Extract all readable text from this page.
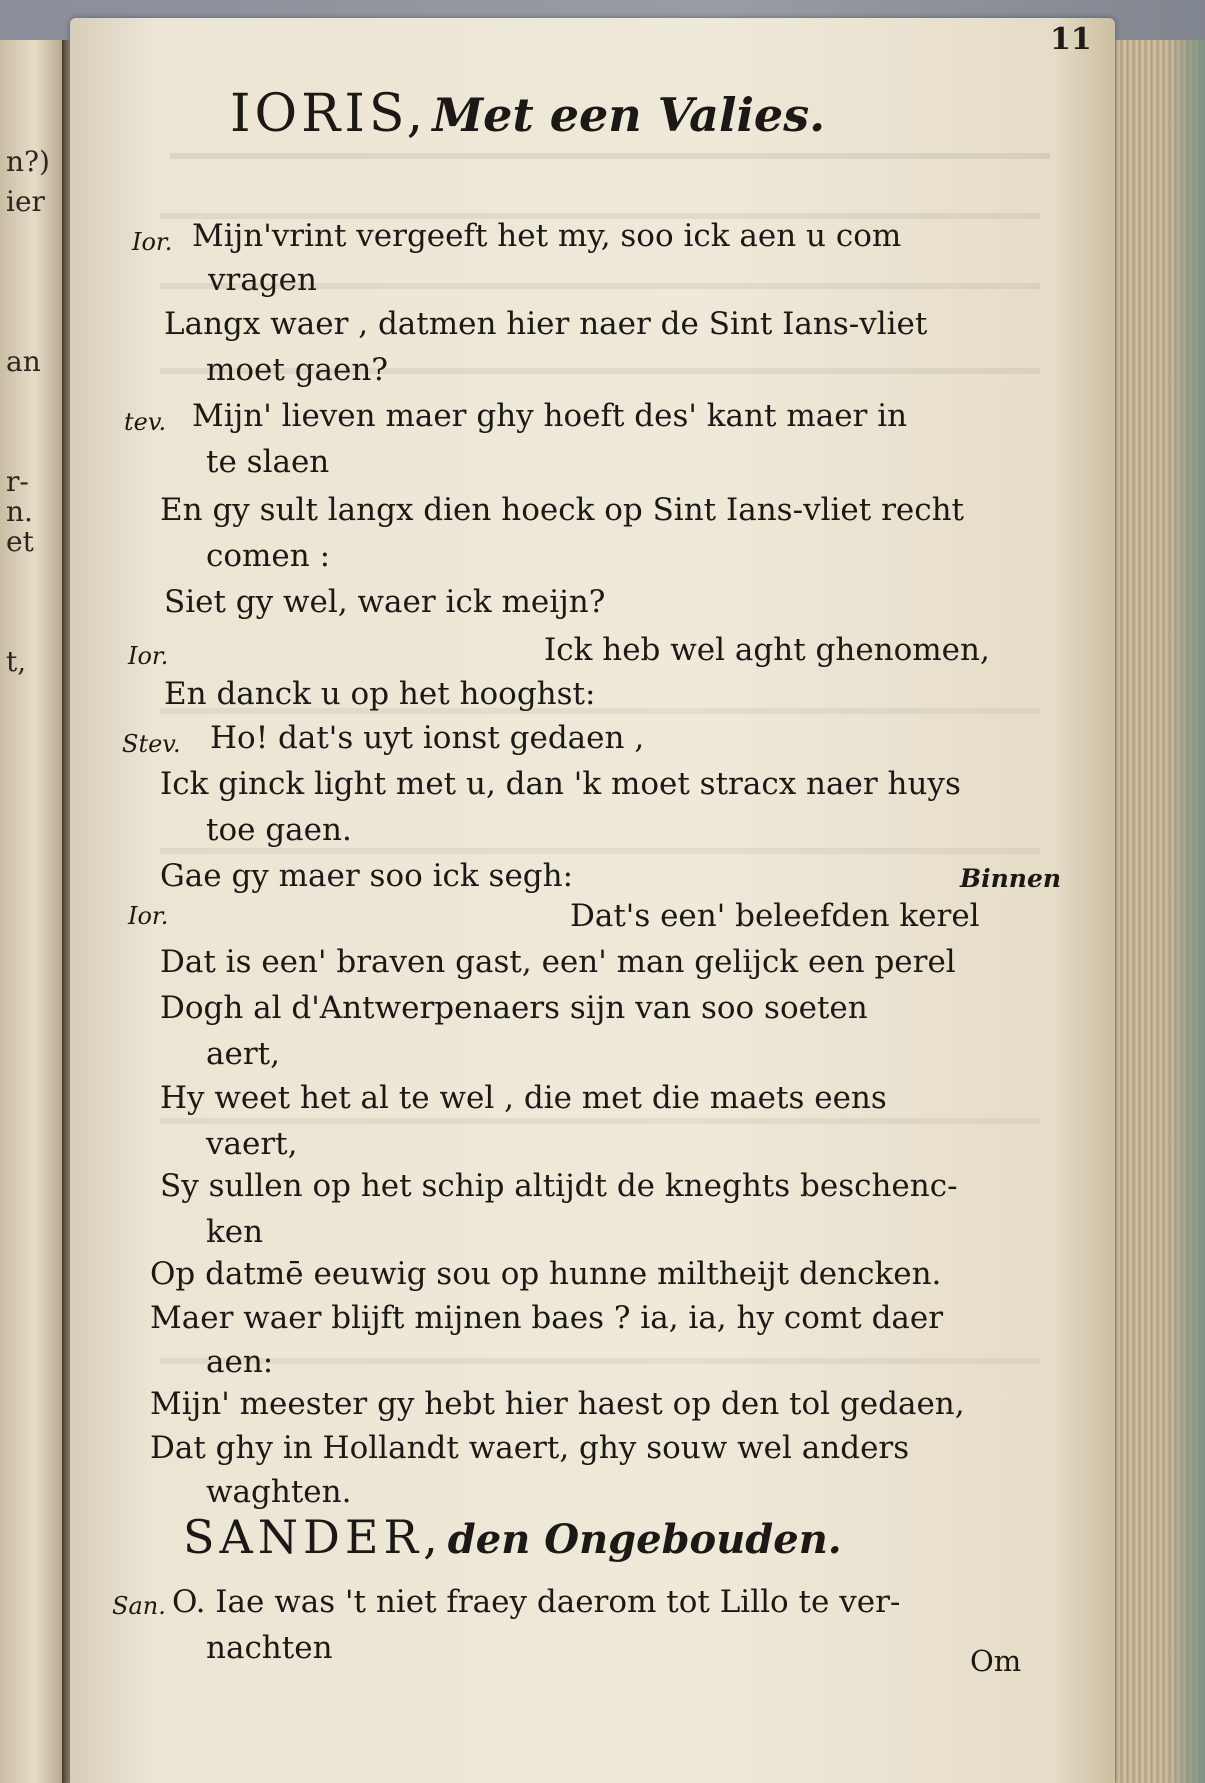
n?)
ier
an
r-
n.
et
t,
11
IORIS, Met een Valies.
Ior.
tev.
Ior.
Stev.
Ior.
San.
Mijn'vrint vergeeft het my, soo ick aen u com
vragen
Langx waer , datmen hier naer de Sint Ians-vliet
moet gaen?
Mijn' lieven maer ghy hoeft des' kant maer in
te slaen
En gy sult langx dien hoeck op Sint Ians-vliet recht
comen :
Siet gy wel, waer ick meijn?
Ick heb wel aght ghenomen,
En danck u op het hooghst:
Ho! dat's uyt ionst gedaen ,
Ick ginck light met u, dan 'k moet stracx naer huys
toe gaen.
Gae gy maer soo ick segh:
Dat's een' beleefden kerel
Dat is een' braven gast, een' man gelijck een perel
Dogh al d'Antwerpenaers sijn van soo soeten
aert,
Hy weet het al te wel , die met die maets eens
vaert,
Sy sullen op het schip altijdt de kneghts beschenc-
ken
Op datmē eeuwig sou op hunne miltheijt dencken.
Maer waer blijft mijnen baes ? ia, ia, hy comt daer
aen:
Mijn' meester gy hebt hier haest op den tol gedaen,
Dat ghy in Hollandt waert, ghy souw wel anders
waghten.
O. Iae was 't niet fraey daerom tot Lillo te ver-
nachten
Binnen
SANDER, den Ongebouden.
Om
